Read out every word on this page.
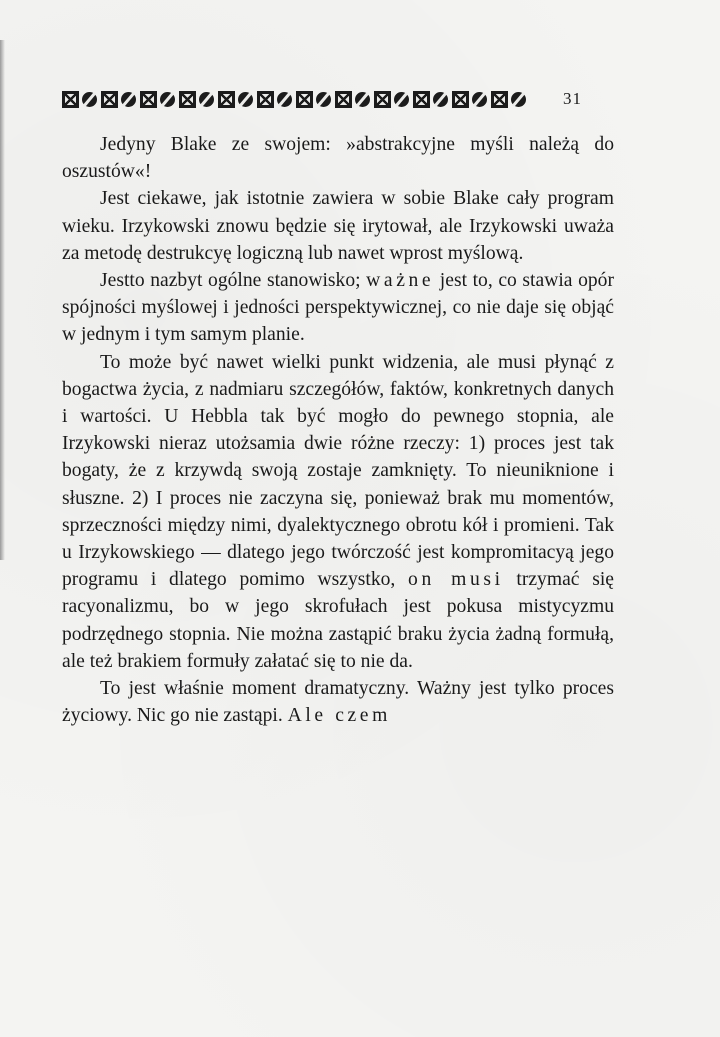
31

Jedyny Blake ze swojem: »abstrakcyjne myśli należą do oszustów«!

Jest ciekawe, jak istotnie zawiera w sobie Blake cały program wieku. Irzykowski znowu będzie się irytował, ale Irzykowski uważa za metodę destrukcyę logiczną lub nawet wprost myślową.

Jestto nazbyt ogólne stanowisko; ważne jest to, co stawia opór spójności myślowej i jedności perspektywicznej, co nie daje się objąć w jednym i tym samym planie.

To może być nawet wielki punkt widzenia, ale musi płynąć z bogactwa życia, z nadmiaru szczegółów, faktów, konkretnych danych i wartości. U Hebbla tak być mogło do pewnego stopnia, ale Irzykowski nieraz utożsamia dwie różne rzeczy: 1) proces jest tak bogaty, że z krzywdą swoją zostaje zamknięty. To nieuniknione i słuszne. 2) I proces nie zaczyna się, ponieważ brak mu momentów, sprzeczności między nimi, dyalektycznego obrotu kół i promieni. Tak u Irzykowskiego — dlatego jego twórczość jest kompromitacyą jego programu i dlatego pomimo wszystko, on musi trzymać się racyonalizmu, bo w jego skrofułach jest pokusa mistycyzmu podrzędnego stopnia. Nie można zastąpić braku życia żadną formułą, ale też brakiem formuły załatać się to nie da.

To jest właśnie moment dramatyczny. Ważny jest tylko proces życiowy. Nic go nie zastąpi. Ale czem
